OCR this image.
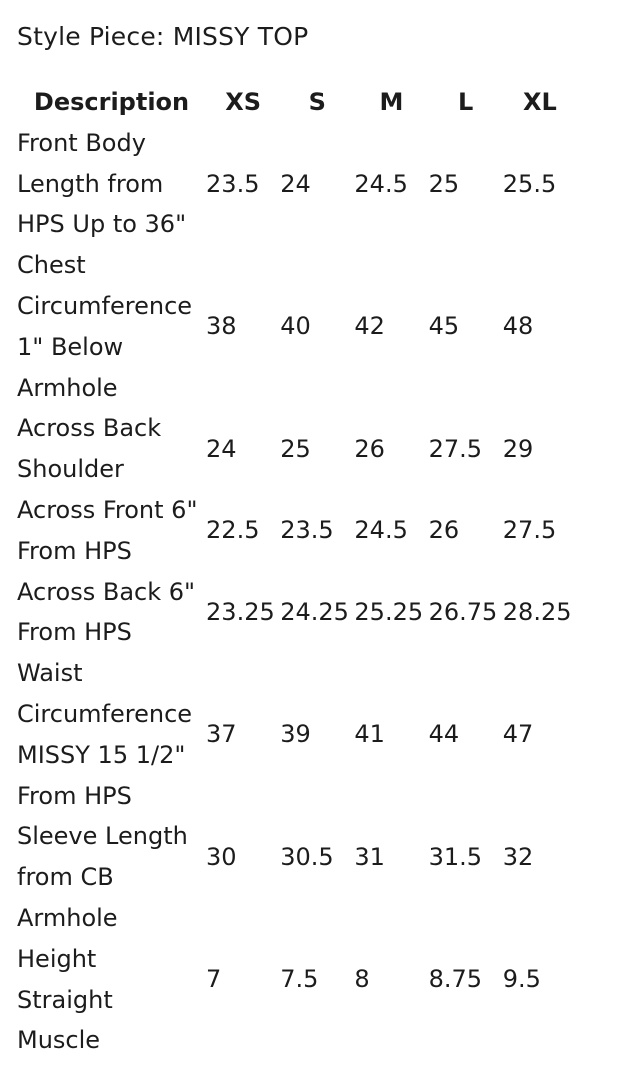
Style Piece: MISSY TOP
Description	XS	S	M	L	XL

Front Body
Length from
HPS Up to 36"	23.5	24	24.5	25	25.5

Chest
Circumference
1" Below
Armhole	38	40	42	45	48

Across Back
Shoulder	24	25	26	27.5	29

Across Front 6"
From HPS	22.5	23.5	24.5	26	27.5

Across Back 6"
From HPS	23.25	24.25	25.25	26.75	28.25

Waist
Circumference
MISSY 15 1/2"
From HPS	37	39	41	44	47

Sleeve Length
from CB	30	30.5	31	31.5	32

Armhole
Height
Straight
Muscle	7	7.5	8	8.75	9.5
